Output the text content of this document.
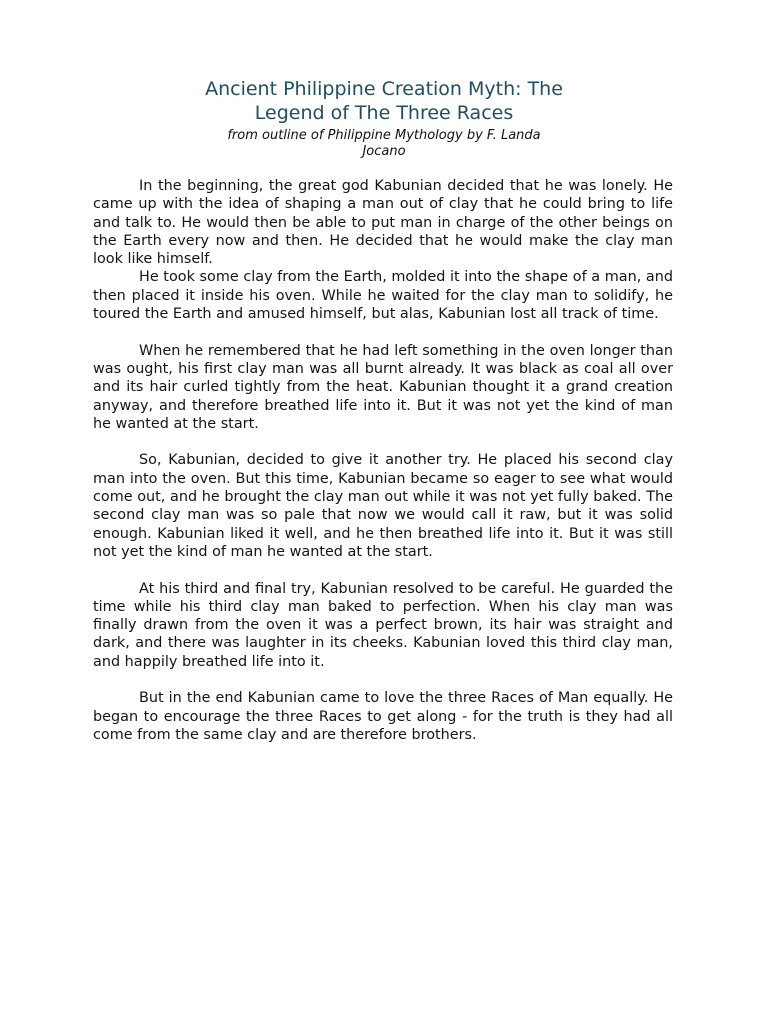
Ancient Philippine Creation Myth: The
Legend of The Three Races
from outline of Philippine Mythology by F. Landa
Jocano

In the beginning, the great god Kabunian decided that he was lonely. He came up with the idea of shaping a man out of clay that he could bring to life and talk to. He would then be able to put man in charge of the other beings on the Earth every now and then. He decided that he would make the clay man look like himself.

He took some clay from the Earth, molded it into the shape of a man, and then placed it inside his oven. While he waited for the clay man to solidify, he toured the Earth and amused himself, but alas, Kabunian lost all track of time.

When he remembered that he had left something in the oven longer than was ought, his first clay man was all burnt already. It was black as coal all over and its hair curled tightly from the heat. Kabunian thought it a grand creation anyway, and therefore breathed life into it. But it was not yet the kind of man he wanted at the start.

So, Kabunian, decided to give it another try. He placed his second clay man into the oven. But this time, Kabunian became so eager to see what would come out, and he brought the clay man out while it was not yet fully baked. The second clay man was so pale that now we would call it raw, but it was solid enough. Kabunian liked it well, and he then breathed life into it. But it was still not yet the kind of man he wanted at the start.

At his third and final try, Kabunian resolved to be careful. He guarded the time while his third clay man baked to perfection. When his clay man was finally drawn from the oven it was a perfect brown, its hair was straight and dark, and there was laughter in its cheeks. Kabunian loved this third clay man, and happily breathed life into it.

But in the end Kabunian came to love the three Races of Man equally. He began to encourage the three Races to get along - for the truth is they had all come from the same clay and are therefore brothers.
